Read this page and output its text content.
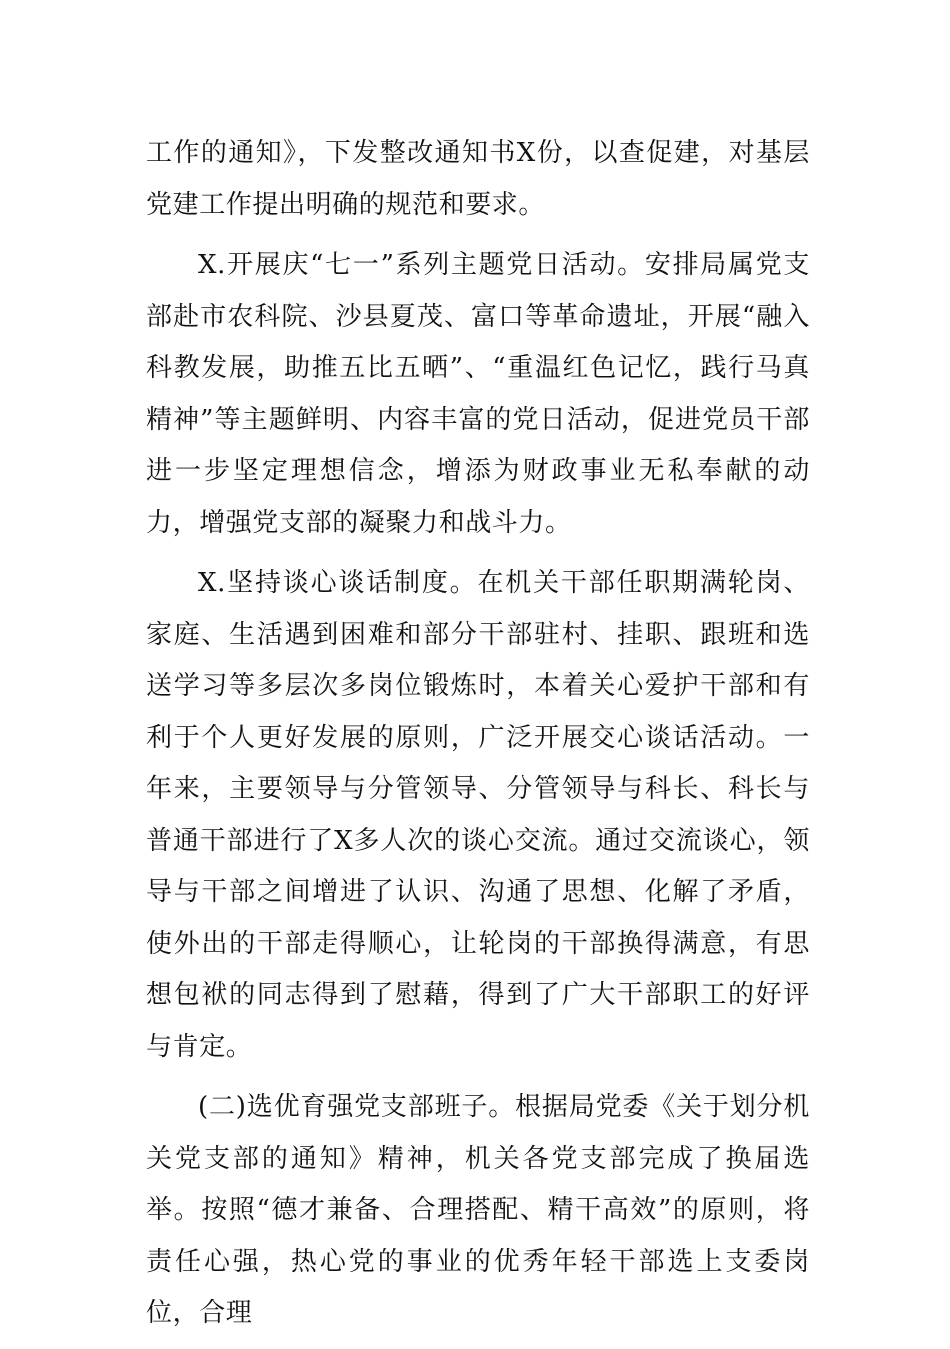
工作的通知》，下发整改通知书X份，以查促建，对基层党建工作提出明确的规范和要求。

X.开展庆“七一”系列主题党日活动。安排局属党支部赴市农科院、沙县夏茂、富口等革命遗址，开展“融入科教发展，助推五比五晒”、“重温红色记忆，践行马真精神”等主题鲜明、内容丰富的党日活动，促进党员干部进一步坚定理想信念，增添为财政事业无私奉献的动力，增强党支部的凝聚力和战斗力。

X.坚持谈心谈话制度。在机关干部任职期满轮岗、家庭、生活遇到困难和部分干部驻村、挂职、跟班和选送学习等多层次多岗位锻炼时，本着关心爱护干部和有利于个人更好发展的原则，广泛开展交心谈话活动。一年来，主要领导与分管领导、分管领导与科长、科长与普通干部进行了X多人次的谈心交流。通过交流谈心，领导与干部之间增进了认识、沟通了思想、化解了矛盾，使外出的干部走得顺心，让轮岗的干部换得满意，有思想包袱的同志得到了慰藉，得到了广大干部职工的好评与肯定。

(二)选优育强党支部班子。根据局党委《关于划分机关党支部的通知》精神，机关各党支部完成了换届选举。按照“德才兼备、合理搭配、精干高效”的原则，将责任心强，热心党的事业的优秀年轻干部选上支委岗位，合理
